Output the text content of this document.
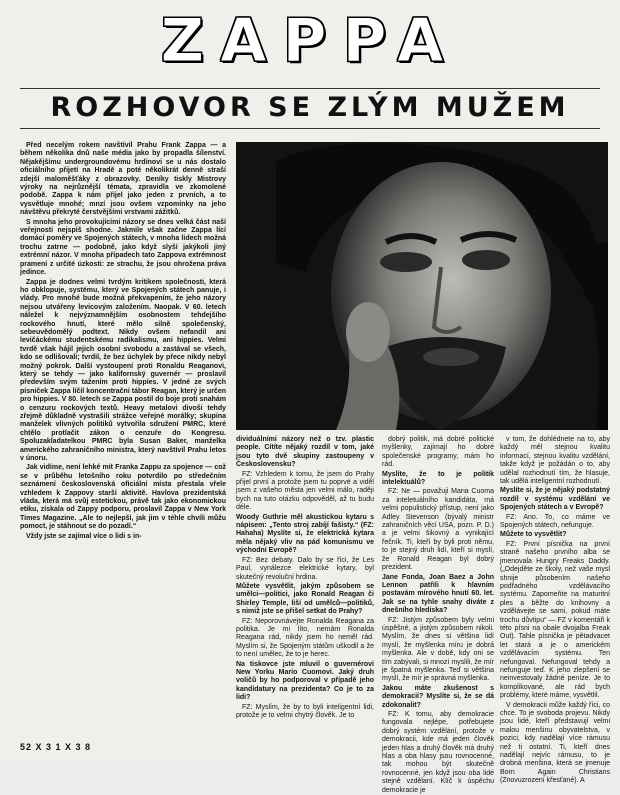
ZAPPA
ROZHOVOR SE ZLÝM MUŽEM

Před necelým rokem navštívil Prahu Frank Zappa — a během několika dnů naše média jako by propadla šílenství. Nějakějšímu undergroundovému hrdinovi se u nás dostalo oficiálního přijetí na Hradě a poté několikrát denně straší zdejší maloměšťáky z obrazovky. Deníky tiskly Mistrovy výroky na nejrůznější témata, zpravidla ve zkomolené podobě. Zappa k nám přijel jako jeden z prvních, a to vysvětluje mnohé; mnzí jsou ovšem vzpomínky na jeho návštěvu překryté čerstvějšími vrstvami zážitků.

S mnoha jeho provokujícími názory se dnes velká část naší veřejnosti nejspíš shodne. Jakmile však začne Zappa lící domácí poměry ve Spojených státech, v mnoha lidech možná trochu zatrne — podobně, jako když slyší jakýkoli jiný extrémní názor. V mnoha případech tato Zappova extrémnost pramení z určité úzkosti: ze strachu, že jsou ohrožena práva jedince.

Zappa je dodnes velmi tvrdým kritikem společnosti, která ho obklopuje, systému, který ve Spojených státech panuje, i vlády. Pro mnohé bude možná překvapením, že jeho názory nejsou utvářeny levicovým založením. Naopak. V 60. letech náležel k nejvýznamnějším osobnostem tehdejšího rockového hnutí, které mělo silně společenský, sebeuvědomělý podtext. Nikdy ovšem nefandil ani levičáckému studentskému radikalismu, ani hippies. Velmi tvrdě však hájil jejich osobní svobodu a zastával se všech, kdo se odlišovali; tvrdil, že bez úchylek by přece nikdy nebyl možný pokrok. Další vystoupení proti Ronaldu Reaganovi, který se tehdy — jako kalifornský guvernér — proslavil především svým tažením proti hippies. V jedné ze svých písniček Zappa líčil koncentrační tábor Reagan, který je určen pro hippies. V 80. letech se Zappa postil do boje proti snahám o cenzuru rockových textů. Heavy metalovi divoši tehdy zřejmě důkladně vystrašili strážce veřejné morálky; skupina manželek vlivných politiků vytvořila sdružení PMRC, které chtělo protlačit zákon o cenzuře do Kongresu. Spoluzakladatelkou PMRC byla Susan Baker, manželka amerického zahraničního ministra, který navštívil Prahu letos v únoru.

Jak vidíme, není lehké mít Franka Zappu za spojence — což se v průběhu letošního roku potvrdilo po středečním seznámení československá oficiální místa přestala vřele vzhledem k Zappovy starší aktivitě. Havlova prezidentská vláda, která má svůj estetickou, právě tak jako ekonomickou etiku, získala od Zappy podporu, proslavil Zappa v New York Times Magazine. „Ale to nejlepší, jak jim v téhle chvíli můžu pomoct, je stáhnout se do pozadí.“

Vždy jste se zajímal více o lidi s in-

dividuálními názory než o tzv. plastic people. Cítíte nějaký rozdíl v tom, jaké jsou tyto dvě skupiny zastoupeny v Československu?

FZ: Vzhledem k tomu, že jsem do Prahy přijel první a protože jsem tu poprvé a viděl jsem z vašeho města jen velmi málo, raději bych na tuto otázku odpověděl, až tu budu déle.

Woody Guthrie měl akustickou kytaru s nápisem: „Tento stroj zabíjí fašisty.“ (FZ: Hahaha) Myslíte si, že elektrická kytara měla nějaký vliv na pád komunismu ve východní Evropě?

FZ: Bez debaty. Dalo by se říci, že Les Paul, vynálezce elektrické kytary, byl skutečný revoluční hrdina.

Můžete vysvětlit, jakým způsobem se umělci—politici, jako Ronald Reagan či Shirley Temple, liší od umělců—politiků, s nimiž jste se přišel setkat do Prahy?

FZ: Neporovnávejte Ronalda Reagana za politika. Je mi líto, nemám Ronalda Reagana rád, nikdy jsem ho neměl rád. Myslím si, že Spojeným státům uškodil a že to není umělec, že to je herec.

Na tiskovce jste mluvil o guvernérovi New Yorku Mario Cuomovi. Jaký druh voličů by ho podporoval v případě jeho kandidatury na prezidenta? Co je to za lidi?

FZ: Myslím, že by to byli inteligentní lidi, protože je to velmi chytrý člověk. Je to

dobrý politik, má dobré politické myšlenky, zajímají ho dobré společenské programy, mám ho rád.

Myslíte, že to je politik intelektuálů?

FZ: Ne — považuji Maria Cuoma za inteletuálního kandidáta, má velmi populistický přístup, není jako Adley Stevenson (bývalý ministr zahraničních věcí USA, pozn. P. D.) a je velmi šikovný a vynikající řečník. Ti, kteří by byli proti němu, to je stejný druh lidí, kteří si myslí, že Ronald Reagan byl dobrý prezident.

Jane Fonda, Joan Baez a John Lennon patřili k hlavním postavám mírového hnutí 60. let. Jak se na tyhle snahy díváte z dnešního hlediska?

FZ: Jistým způsobem byly velmi úspěšné, a jistým způsobem nikoli. Myslím, že dnes si většina lidí myslí, že myšlenka míru je dobrá myšlenka. Ale v době, kdy oni se tím zabývali, si mnozí myslili, že mír je špatná myšlenka. Teď si většina myslí, že mír je správná myšlenka.

Jakou máte zkušenost s demokracií? Myslíte si, že se dá zdokonalit?

FZ: K tomu, aby demokracie fungovala nejlépe, potřebujete dobrý systém vzdělání, protože v demokracii, kde má jeden člověk jeden hlas a druhý člověk má druhý hlas a oba hlasy jsou rovnocenné, tak mohou být skutečně rovnocenné, jen když jsou oba lidé stejně vzdělaní. Klíč k úspěchu demokracie je

v tom, že dohlédnete na to, aby každý měl stejnou kvalitu informací, stejnou kvalitu vzdělání, takže když je požádán o to, aby udělal rozhodnutí tím, že hlasuje, tak udělá inteligentní rozhodnutí.

Myslíte si, že je nějaký podstatný rozdíl v systému vzdělání ve Spojených státech a v Evropě?

FZ: Ano. To, co máme ve Spojených státech, nefunguje.

Můžete to vysvětlit?

FZ: První písnička na první straně našeho prvního alba se jmenovala Hungry Freaks Daddy. („Odejděte ze školy, než vaše mysl shnije působením našeho podřadného vzdělávacího systému. Zapomeňte na maturitní ples a běžte do knihovny a vzdělávejte se sami, pokud máte trochu důvtipu“ — FZ v komentáři k této písni na obale dvojalba Freak Out). Tahle písnička je pětadvacet let stará a je o americkém vzdělávacím systému. Ten nefungoval. Nefungoval tehdy a nefunguje teď. K jeho zlepšení se neinvestovaly žádné peníze. Je to komplikované, ale rád bych problémy, které máme, vysvětlil.

V demokracii může každý říci, co chce. To je svoboda projevu. Nikdy jsou lidé, kteří představují velmi malou menšinu obyvatelstva, v pozici, kdy nadělají více rámusu než ti ostatní. Ti, kteří dnes nadělají nejvíc rámusu, to je drobná menšina, která se jmenuje Born Again Christians (Znovuzrození křesťané). A

52 X 3 1 X 3 8
